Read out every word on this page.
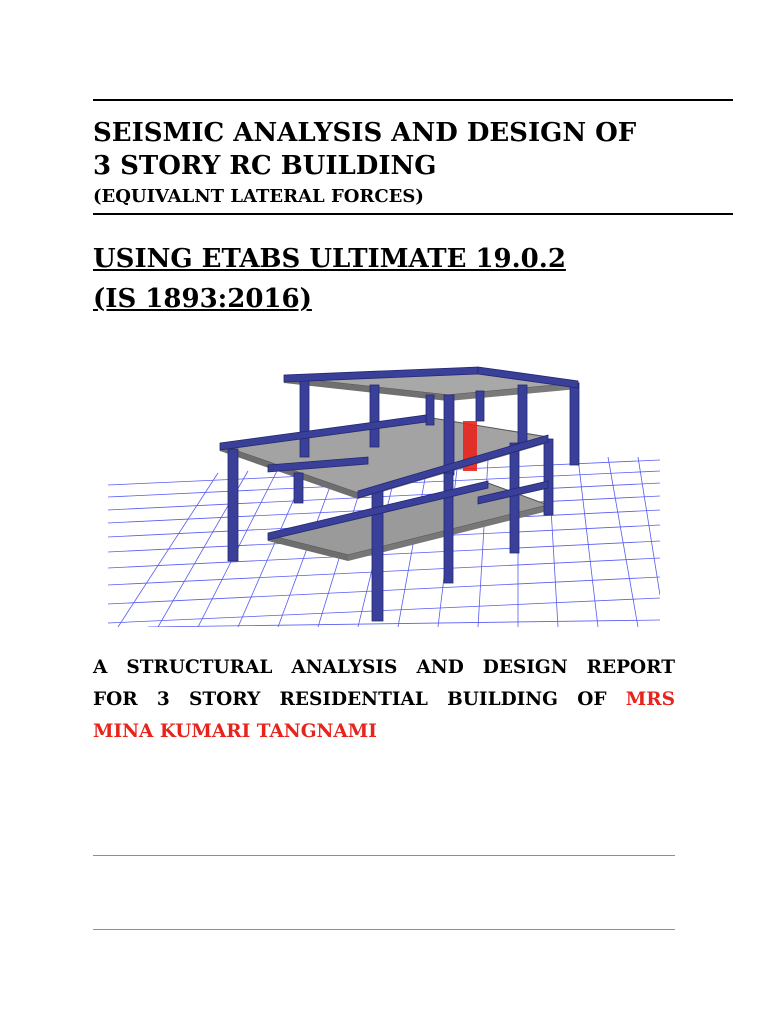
SEISMIC ANALYSIS AND DESIGN OF
3 STORY RC BUILDING
(EQUIVALNT LATERAL FORCES)
USING ETABS ULTIMATE 19.0.2
(IS 1893:2016)
A STRUCTURAL ANALYSIS AND DESIGN REPORT
FOR 3 STORY RESIDENTIAL BUILDING OF MRS
MINA KUMARI TANGNAMI
